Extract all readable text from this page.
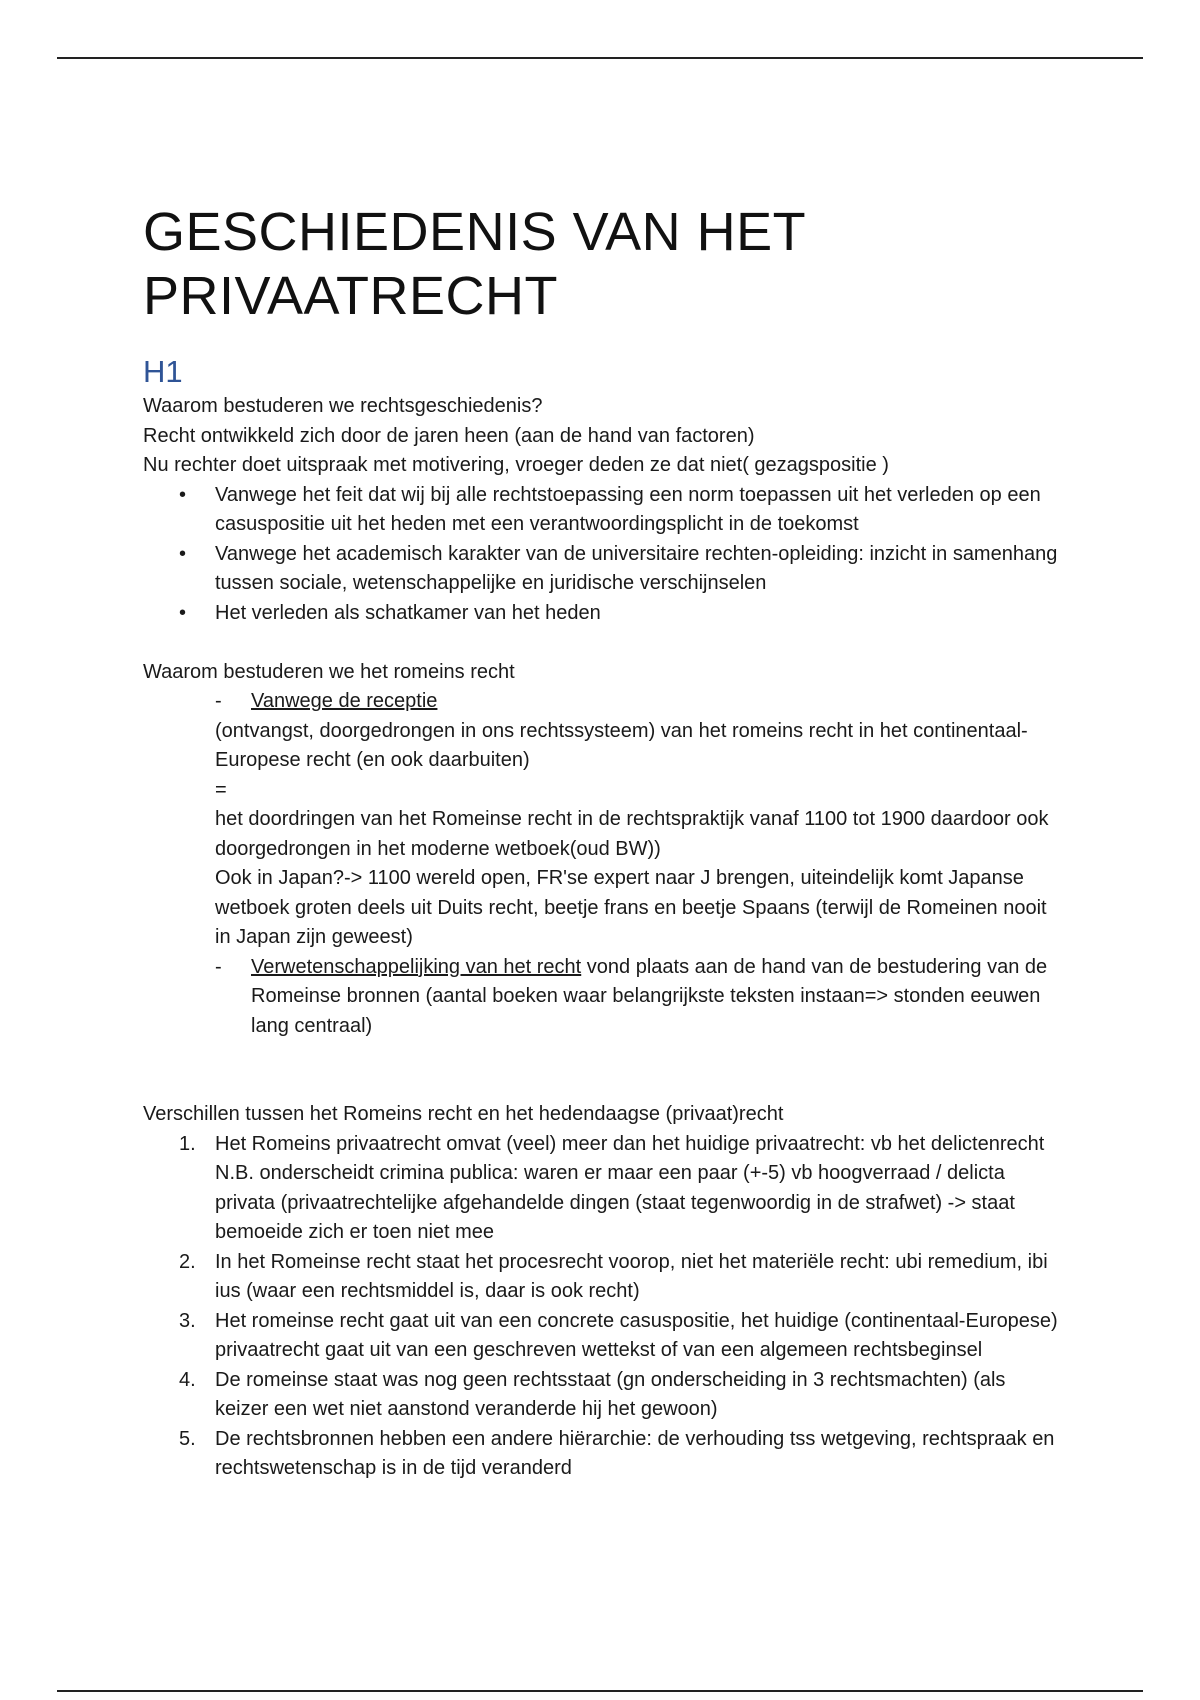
GESCHIEDENIS VAN HET
PRIVAATRECHT
H1

Waarom bestuderen we rechtsgeschiedenis?

Recht ontwikkeld zich door de jaren heen (aan de hand van factoren)

Nu rechter doet uitspraak met motivering, vroeger deden ze dat niet( gezagspositie )

• Vanwege het feit dat wij bij alle rechtstoepassing een norm toepassen uit het verleden op een casuspositie uit het heden met een verantwoordingsplicht in de toekomst
• Vanwege het academisch karakter van de universitaire rechten-opleiding: inzicht in samenhang tussen sociale, wetenschappelijke en juridische verschijnselen
• Het verleden als schatkamer van het heden

Waarom bestuderen we het romeins recht

- Vanwege de receptie

(ontvangst, doorgedrongen in ons rechtssysteem) van het romeins recht in het continentaal-Europese recht (en ook daarbuiten)

=

het doordringen van het Romeinse recht in de rechtspraktijk vanaf 1100 tot 1900 daardoor ook doorgedrongen in het moderne wetboek(oud BW))

Ook in Japan?-> 1100 wereld open, FR'se expert naar J brengen, uiteindelijk komt Japanse wetboek groten deels uit Duits recht, beetje frans en beetje Spaans (terwijl de Romeinen nooit in Japan zijn geweest)

- Verwetenschappelijking van het recht vond plaats aan de hand van de bestudering van de Romeinse bronnen (aantal boeken waar belangrijkste teksten instaan=> stonden eeuwen lang centraal)

Verschillen tussen het Romeins recht en het hedendaagse (privaat)recht

1. Het Romeins privaatrecht omvat (veel) meer dan het huidige privaatrecht: vb het delictenrecht N.B. onderscheidt crimina publica: waren er maar een paar (+-5) vb hoogverraad / delicta privata (privaatrechtelijke afgehandelde dingen (staat tegenwoordig in de strafwet) -> staat bemoeide zich er toen niet mee
2. In het Romeinse recht staat het procesrecht voorop, niet het materiële recht: ubi remedium, ibi ius (waar een rechtsmiddel is, daar is ook recht)
3. Het romeinse recht gaat uit van een concrete casuspositie, het huidige (continentaal-Europese) privaatrecht gaat uit van een geschreven wettekst of van een algemeen rechtsbeginsel
4. De romeinse staat was nog geen rechtsstaat (gn onderscheiding in 3 rechtsmachten) (als keizer een wet niet aanstond veranderde hij het gewoon)
5. De rechtsbronnen hebben een andere hiërarchie: de verhouding tss wetgeving, rechtspraak en rechtswetenschap is in de tijd veranderd
